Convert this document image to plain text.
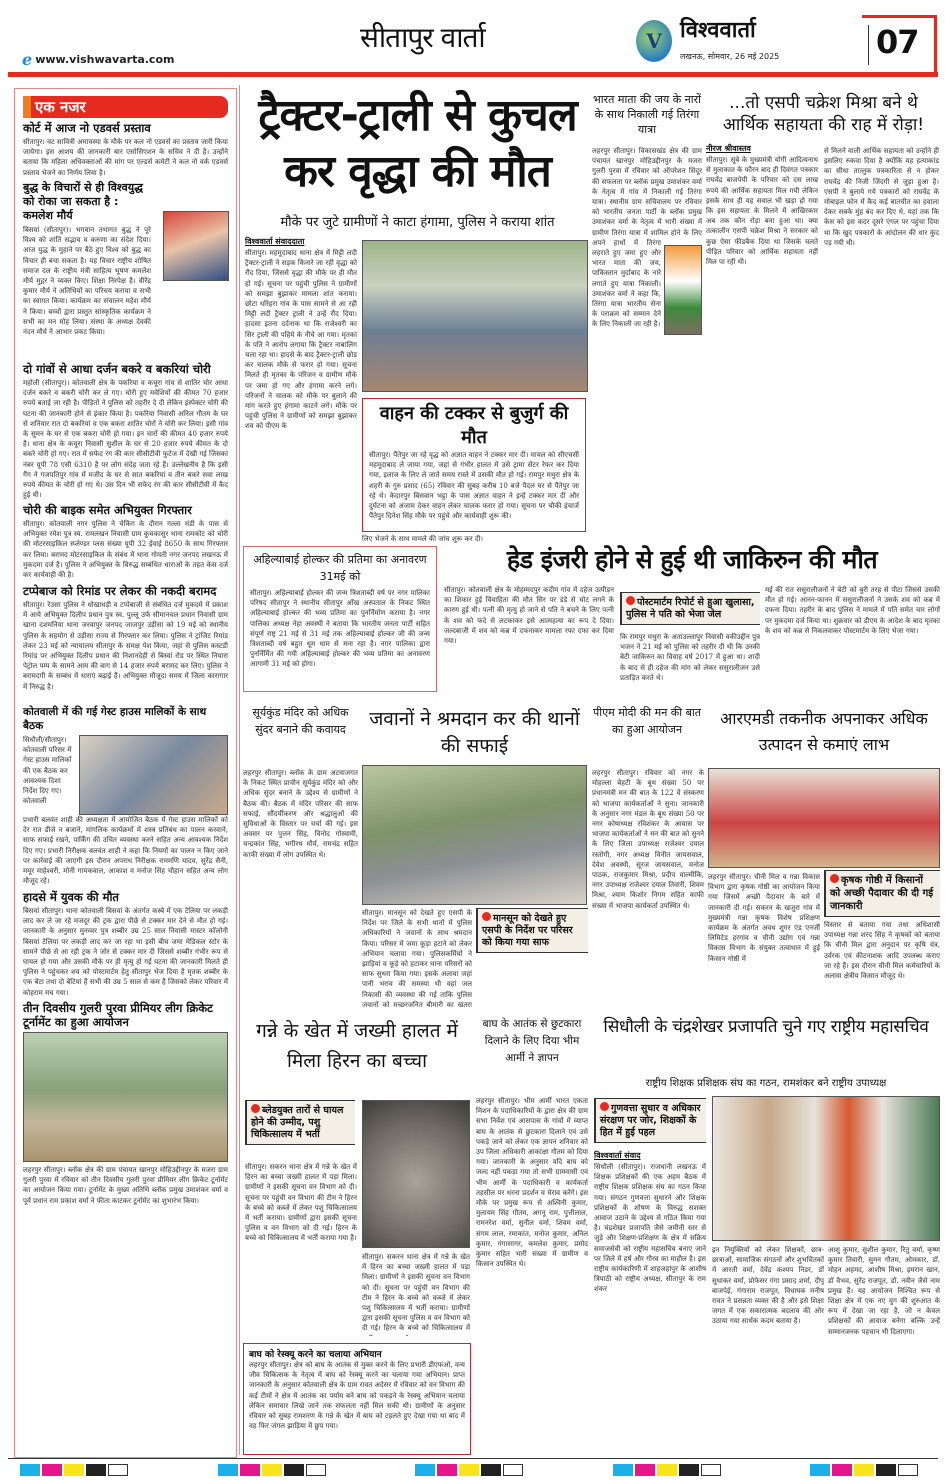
e www.vishwavarta.com
सीतापुर वार्ता	V विश्ववार्ता
लखनऊ, सोमवार, 26 मई 2025	07
एक नजर
कोर्ट में आज नो एडवर्स प्रस्ताव
सीतापुर। वट सावित्री अमावस्या के मौके पर कल नो एडवर्स का प्रस्ताव जारी किया जायेगा। इस आशय की जानकारी बार एसोसिएशन के सचिव ने दी है। उन्होंने बताया कि महिला अधिवक्ताओं की मांग पर एल्डर्स कमेटी ने कल नो वर्क एडवर्स प्रस्ताव भेजने का निर्णय लिया है।
बुद्ध के विचारों से ही विश्वयुद्ध को रोका जा सकता है : कमलेश मौर्य
बिसवां (सीतापुर)। भगवान तथागत बुद्ध ने पूरे विश्व को शांति सद्भाव व करुणा का संदेश दिया। आज युद्ध के मुहाने पर बैठे हुए विश्व को बुद्ध का विचार ही बचा सकता है। यह विचार राष्ट्रीय शोषित समाज दल के राष्ट्रीय मंत्री साहित्य भूषण कमलेश मौर्य मुद्गर ने व्यक्त किए। शिक्षा निरपेक्ष है। वीरेंद्र कुमार मौर्य ने अतिथियों का परिचय कराया व सभी का स्वागत किया। कार्यक्रम का संचालन महेश मौर्य ने किया। बच्चों द्वारा प्रस्तुत सांस्कृतिक कार्यक्रम ने सभी का मन मोह लिया। संस्था के अध्यक्ष देवकी नंदन मौर्य ने आभार प्रकट किया।
दो गांवों से आधा दर्जन बकरे व बकरियां चोरी
महोली (सीतापुर)। कोतवाली क्षेत्र के पकरिया व कचूरा गांव से शातिर चोर आधा दर्जन बकरे व बकरी चोरी कर ले गए। चोरी हुए मवेशियों की कीमत 70 हजार रुपये बताई जा रही है। पीड़ितों ने पुलिस को तहरीर दे दी लेकिन इंस्पेक्टर चोरी की घटना की जानकारी होने से इंकार किया है। पकरिया निवासी अनिल गौतम के घर से शनिवार रात दो बकरियां व एक बकरा शातिर चोरों ने चोरी कर लिया। इसी गांव के सुमन के घर से एक बकरा चोरी हो गया। इन चारों की कीमत 40 हजार रुपये है। थाना क्षेत्र के कचूरा निवासी सुशील के घर से 20 हजार रुपये कीमत के दो बकरे चोरी हो गए। रात में सफेद रंग की कार सीसीटीवी फुटेज में देखी गई जिसका नंबर यूपी 78 एसी 6310 है पर लोग संदेह जता रहे हैं। उल्लेखनीय है कि इसी गैंग ने गजपतिपुर गांव में मजीद के घर से सात बकरियां व तीन बकरे सवा लाख रुपये कीमत के चोरी हो गए थे। उस दिन भी सफेद रंग की कार सीसीटीवी में कैद हुई थी।
चोरी की बाइक समेत अभियुक्त गिरफ्तार
सीतापुर। कोतवाली नगर पुलिस ने चेकिंग के दौरान गल्ला मंडी के पास से अभियुक्त रमेश पुत्र स्व. रामलखन निवासी ग्राम कुचकासुर थाना रामकोट को चोरी की मोटरसाइकिल स्प्लेण्डर प्लस संख्या यूपी 32 ईवाई 8650 के साथ गिरफ्तार कर लिया। बरामद मोटरसाइकिल के संबंध में थाना गोमती नगर जनपद लखनऊ में मुकदमा दर्ज है। पुलिस ने अभियुक्त के विरुद्ध सम्बंधित धाराओं के तहत केस दर्ज कर कार्यवाही की है।
टप्पेबाज को रिमांड पर लेकर की नकदी बरामद
सीतापुर। रेउसा पुलिस ने धोखाधड़ी व टप्पेबाजी से संबंधित दर्ज मुकदमे में प्रकाश में आये अभियुक्त दिलीप प्रधान पुत्र स्व. पुल्लू उर्फ सीमानचल प्रधान निवासी ग्राम खाना दशमनिया थाना जरवापुर जनपद जाजपुर उड़ीसा को 19 मई को स्थानीय पुलिस के सहयोग से उड़ीसा राज्य से गिरफ्तार कर लिया। पुलिस ने ट्रांजिट रिमांड लेकर 23 मई को न्यायालय सीतापुर के समक्ष पेश किया, जहां से पुलिस कस्टडी रिमांड पर अभियुक्त दिलीप प्रधान की निशानदेही से बिस्वां रोड पर स्थित नियारा पेट्रोल पम्प के सामने आम की बाग से 14 हजार रुपये बरामद कर लिए। पुलिस ने बरामदगी के सम्बंध में धाराएं बढ़ाई हैं। अभियुक्त मौजूदा समय में जिला कारागार में निरुद्ध है।
कोतवाली में की गई गेस्ट हाउस मालिकों के साथ बैठक
सिधौली/सीतापुर। कोतवाली परिसर में गेस्ट हाउस मालिकों की एक बैठक कर आवश्यक दिशा निर्देश दिए गए। कोतवाली
प्रभारी बलवंत शाही की अध्यक्षता में आयोजित बैठक में गेस्ट हाउस मालिकों को देर रात डीजे न बजाने, मांगलिक कार्यक्रमों में शस्त्र प्रतिबंध का पालन करवाने, साफ सफाई रखने, पार्किंग की उचित व्यवस्था करने सहित अन्य आवश्यक निर्देश दिए गए। प्रभारी निरीक्षक बलवंत शाही ने कहा कि नियमों का पालन न किए जाने पर कार्रवाई की जाएगी इस दौरान अपराध निरीक्षक राममणि यादव, सुरेंद्र सैनी, मयूर माहेश्वरी, मोनी गायकवाल, आकाश व मनोज सिंह चौहान सहित अन्य लोग मौजूद रहे।
हादसे में युवक की मौत
बिसवां सीतापुर। थाना कोतवाली बिसवां के अंतर्गत कस्बे में एक टेलिया पर लकड़ी लाद कर ले जा रहे मजदूर की ट्रक द्वारा पीछे से टक्कर मार देने से मौत हो गई। जानकारी के अनुसार मुनव्वर पुत्र शब्बीर उम्र 25 साल निवासी मास्टर कॉलोनी बिसवां टेलिया पर लकड़ी लाद कर जा रहा था इसी बीच जमा मेडिकल स्टोर के सामने पीछे से आ रही ट्रक ने जोर से टक्कर मार दी जिससे शब्बीर गंभीर रूप से घायल हो गया और उसकी मौके पर ही मृत्यु हो गई घटना की जानकारी मिलते ही पुलिस ने पहुंचकर शव को पोस्टमार्टम हेतु सीतापुर भेज दिया है मृतक शब्बीर के एक बेटा तथा दो बेटियां हैं सभी की उम्र 5 साल से कम है जिसको लेकर परिवार में कोहराम मच गया।
तीन दिवसीय गुलरी पुरवा प्रीमियर लीग क्रिकेट टूर्नामेंट का हुआ आयोजन
लहरपुर सीतापुर। ब्लॉक क्षेत्र की ग्राम पंचायत खानपुर मोहिउद्दीनपुर के मजरा ग्राम गुलरी पुरवा में रविवार को तीन दिवसीय गुलरी पुरवा प्रीमियर लीग क्रिकेट टूर्नामेंट का आयोजन किया गया। टूर्नामेंट के मुख्य अतिथि ब्लॉक प्रमुख उमाशंकर वर्मा व पूर्व प्रधान राम प्रकाश वर्मा ने फीता काटकर टूर्नामेंट का शुभारंभ किया।
ट्रैक्टर-ट्राली से कुचल कर वृद्धा की मौत
मौके पर जुटे ग्रामीणों ने काटा हंगामा, पुलिस ने कराया शांत
विश्ववार्ता संवाददाता
सीतापुर। महमूदाबाद थाना क्षेत्र में मिट्टी लदी ट्रैक्टर-ट्राली ने सड़क किनारे जा रही वृद्धा को रौंद दिया, जिससे वृद्धा की मौके पर ही मौत हो गई। सूचना पर पहुंची पुलिस ने ग्रामीणों को समझा बुझाकर मामला शांत कराया। छोटा धरिहरा गांव के पास सामने से आ रही मिट्टी लदी ट्रैक्टर ट्राली ने उन्हें रौंद दिया। हादसा इतना दर्दनाक था कि राजेश्वरी का सिर ट्राली की पहिये के नीचे आ गया। मृतका के पति ने आरोप लगाया कि ट्रैक्टर नाबालिग चला रहा था। हादसे के बाद ट्रैक्टर-ट्राली छोड़ कर चालक मौके से फरार हो गया। सूचना मिलते ही मृतका के परिजन व ग्रामीण मौके पर जमा हो गए और हंगामा करने लगे। परिजनों ने चालक को मौके पर बुलाने की मांग करते हुए हंगामा काटने लगे। मौके पर पहुंची पुलिस ने ग्रामीणों को समझा बुझाकर शव को पीएम के
वाहन की टक्कर से बुजुर्ग की मौत
सीतापुर। पैंतेपुर जा रहे वृद्ध को अज्ञात वाहन ने टक्कर मार दी। घायल को सीएचसी महमूदाबाद ले जाया गया, जहां से गंभीर हालत में उसे ट्रामा सेंटर रेफर कर दिया गया, इलाज के लिए ले जाते समय रास्ते में उसकी मौत हो गई। रामपुर मथुरा क्षेत्र के शहरी के गुरु प्रसाद (65) रविवार की सुबह करीब 10 बजे पैदल घर से पैंतेपुर जा रहे थे। केदारपुर बिसवान भट्ठा के पास अज्ञात वाहन ने इन्हें टक्कर मार दी और दुर्घटना को अंजाम देकर वाहन लेकर चालक फरार हो गया। सूचना पर चौकी इंचार्ज पैंतेपुर दिनेश सिंह मौके पर पहुंचे और कार्यवाही शुरू की।
लिए भेजने के साथ मामले की जांच शुरू कर दी।
भारत माता की जय के नारों के साथ निकाली गई तिरंगा यात्रा
लहरपुर सीतापुर। विकासखंड क्षेत्र की ग्राम पंचायत खानपुर मोहिउद्दीनपुर के मजरा गुलरी पुरवा में रविवार को ऑपरेशन सिंदूर की सफलता पर ब्लॉक प्रमुख उमाशंकर वर्मा के नेतृत्व में गांव में निकाली गई तिरंगा यात्रा। स्थानीय ग्राम सचिवालय पर रविवार को भारतीय जनता पार्टी के ब्लॉक प्रमुख उमाशंकर वर्मा के नेतृत्व में भारी संख्या में ग्रामीण तिरंगा यात्रा में शामिल होने के लिए अपने हाथों में तिरंगा लहराते हुए जमा हुए और भारत माता की जय, पाकिस्तान मुर्दाबाद के नारे लगाते हुए यात्रा निकाली। उमाशंकर वर्मा ने कहा कि, तिरंगा यात्रा भारतीय सेना के पराक्रम को सम्मान देने के लिए निकाली जा रही है।
...तो एसपी चक्रेश मिश्रा बने थे आर्थिक सहायता की राह में रोड़ा!
नीरज श्रीवास्तव
सीतापुर। सूबे के मुख्यमंत्री योगी आदित्यनाथ से मुलाकात के फौरन बाद ही दिवंगत पत्रकार राघवेंद्र बाजपेयी के परिवार को दस लाख रुपये की आर्थिक सहायता मिल गयी लेकिन इसके साथ ही यह सवाल भी खड़ा हो गया कि इस सहायता के मिलने में आखिरकार अब तक कौन रोड़ा बना हुआ था। क्या तत्कालीन एसपी चक्रेश मिश्रा ने सरकार को कुछ ऐसा फीडबैक दिया था जिसके चलते पीड़ित परिवार को आर्थिक सहायता नहीं मिल पा रही थी।
से मिलने वाली आर्थिक सहायता को उन्होंने ही इसलिए रुकवा दिया है क्योंकि यह हत्याकांड का सीधा तात्लुक पत्रकारिता से न होकर राघवेंद्र की निजी जिंदगी से जुड़ा हुआ है। एसपी ने बुलाये गये पत्रकारों को राघवेंद्र के मोबाइल फोन में कैद कई बातचीत का हवाला देकर सबके मुंह बंद कर दिए थे, यहां तक कि केस को इस कदर दूसरे एंगल पर पहुंचा दिया था कि खुद पत्रकारों के आंदोलन की धार कुंद पड़ गयी थी।
अहिल्याबाई होल्कर की प्रतिमा का अनावरण 31मई को
सीतापुर। अहिल्याबाई होल्कर की जन्म त्रिशताब्दी वर्ष पर नगर पालिका परिषद सीतापुर ने स्थानीय सीतापुर आँख अस्पताल के निकट स्थित अहिल्याबाई होल्कर की भव्य प्रतिमा का पुनर्निर्माण कराया है। नगर पालिका अध्यक्ष नेहा अवस्थी ने बताया कि भारतीय जनता पार्टी सहित संपूर्ण राष्ट्र 21 मई से 31 मई तक अहिल्याबाई होल्कर जी की जन्म त्रिशताब्दी वर्ष बहुत धूम धाम से मना रहा है। नगर पालिका द्वारा पुनर्निर्मित की गयी अहिल्याबाई होल्कर की भव्य प्रतिमा का अनावरण आगामी 31 मई को होगा।
हेड इंजरी होने से हुई थी जाकिरुन की मौत
सीतापुर। कोतवाली क्षेत्र के मोहम्मदपुर कदीम गांव में दहेज उत्पीड़न का शिकार हुई विवाहिता की मौत सिर पर डंडे से चोट लगने के कारण हुई थी। पत्नी की मृत्यु हो जाने से पति ने बचने के लिए पत्नी के शव को फंदे से लटकाकर इसे आत्महत्या का रूप दे दिया। जल्दबाजी में शव को कब्र में दफनाकर मामला रफा दफा कर दिया गया।
पोस्टमार्टम रिपोर्ट से हुआ खुलासा, पुलिस ने पति को भेजा जेल
कि रामपुर मथुरा के अताउल्लापुर निवासी वकीउद्दीन पुत्र भजन ने 21 मई को पुलिस को तहरीर दी थी कि उनकी बेटी जाकिरुन का विवाह वर्ष 2017 में हुआ था। शादी के बाद से ही दहेज की मांग को लेकर ससुरालीजन उसे प्रताड़ित करते थे।
मई की रात ससुरालीजनों ने बेटी को बुरी तरह से पीटा जिससे उसकी मौत हो गई। आनन-फानन में ससुरालीजनों ने उसके शव को कब्र में दफना दिया। तहरीर के बाद पुलिस ने मामले में पति समेत चार लोगों पर मुकदमा दर्ज किया था। शुक्रवार को डीएम के आदेश के बाद मृतका के शव को कब्र से निकलवाकर पोस्टमार्टम के लिए भेजा गया।
सूर्यकुंड मंदिर को अधिक सुंदर बनाने की कवायद
लहरपुर सीतापुर। ब्लॉक के ग्राम अटवाजगत के निकट स्थित प्राचीन सूर्यकुंड मंदिर को और अधिक सुंदर बनाने के उद्देश्य से ग्रामीणों ने बैठक की। बैठक में मंदिर परिसर की साफ सफाई, सौंदर्यीकरण और श्रद्धालुओं की सुविधाओं के विस्तार पर चर्चा की गई। इस अवसर पर पुत्तन सिंह, विनोद गोस्वामी, चन्द्रकांत सिंह, भगीरथ मौर्य, रामचंद्र सहित काफी संख्या में लोग उपस्थित थे।
जवानों ने श्रमदान कर की थानों की सफाई
सीतापुर। मानसून को देखते हुए एसपी के निर्देश पर जिले के सभी थानों में पुलिस अधिकारियों ने जवानों के साथ श्रमदान किया। परिसर में जमा कूड़ा हटाने को लेकर अभियान चलाया गया। पुलिसकर्मियों ने झाड़ियां व कूड़े को हटाकर थाना परिसरों को साफ सुथरा किया गया। इसके अलावा जहां पानी भराव की समस्या थी वहां जल निकासी की व्यवस्था की गई ताकि पुलिस जवानों को मच्छरजनित बीमारी का खतरा
मानसून को देखते हुए एसपी के निर्देश पर परिसर को किया गया साफ
पीएम मोदी की मन की बात का हुआ आयोजन
लहरपुर सीतापुर। रविवार को नगर के मोहल्ला बेहटी के बूथ संख्या 50 पर प्रधानमंत्री मन की बात के 122 वें संस्करण को भाजपा कार्यकर्ताओं ने सुना। जानकारी के अनुसार नगर मंडल के बूथ संख्या 50 पर नगर कोषाध्यक्ष रविशंकर के आवास पर भाजपा कार्यकर्ताओं ने मन की बात को सुनने के लिए जिला उपाध्यक्ष राजेश्वर दयाल रस्तोगी, नगर अध्यक्ष विनीत जायसवाल, देवेश अवस्थी, सूरज जायसवाल, मनोज पाठक, राजकुमार मिश्रा, प्रदीप वाल्मीकि, नगर उपाध्यक्ष राजेश्वर दयाल तिवारी, शिवम मिश्रा, श्याम किशोर निगम सहित काफी संख्या में भाजपा कार्यकर्ता उपस्थित थे।
आरएमडी तकनीक अपनाकर अधिक उत्पादन से कमाएं लाभ
लहरपुर सीतापुर। चीनी मिल व गन्ना विकास विभाग द्वारा कृषक गोष्ठी का आयोजन किया गया जिसमें अच्छी पैदावार के बारे में जानकारी दी गई। सकरन के खजुरा गांव में मुख्यमंत्री गन्ना कृषक विशेष प्रशिक्षण कार्यक्रम के अंतर्गत अवध शुगर एंड एनर्जी लिमिटेड हरगांव व चीनी उद्योग एवं गन्ना विकास विभाग के संयुक्त तत्वाधान में हुई किसान गोष्ठी में
कृषक गोष्ठी में किसानों को अच्छी पैदावार की दी गई जानकारी
विस्तार से बताया गया तथा अधिशासी उपाध्यक्ष गन्ना शरद सिंह ने कृषकों को बताया कि चीनी मिल द्वारा अनुदान पर कृषि यंत्र, उर्वरक एवं कीटनाशक आदि उपलब्ध कराए जा रहे हैं। इस दौरान चीनी मिल कर्मचारियों के अलावा क्षेत्रीय किसान मौजूद थे।
गन्ने के खेत में जख्मी हालत में मिला हिरन का बच्चा
ब्लेडयुक्त तारों से घायल होने की उम्मीद, पशु चिकित्सालय में भर्ती
सीतापुर। सकरन थाना क्षेत्र में गन्ने के खेत में हिरन का बच्चा जख्मी हालत में पड़ा मिला। ग्रामीणों ने इसकी सूचना वन विभाग को दी। सूचना पर पहुंची वन विभाग की टीम ने हिरन के बच्चे को कब्जे में लेकर पशु चिकित्सालय में भर्ती कराया। ग्रामीणों द्वारा इसकी सूचना पुलिस व वन विभाग को दी गई। हिरन के बच्चे को चिकित्सालय में भर्ती कराया गया है।
सीतापुर। सकरन थाना क्षेत्र में गन्ने के खेत में हिरन का बच्चा जख्मी हालत में पड़ा मिला। ग्रामीणों ने इसकी सूचना वन विभाग को दी। सूचना पर पहुंची वन विभाग की टीम ने हिरन के बच्चे को कब्जे में लेकर पशु चिकित्सालय में भर्ती कराया। ग्रामीणों द्वारा इसकी सूचना पुलिस व वन विभाग को दी गई। हिरन के बच्चे को चिकित्सालय में
बाघ को रेस्क्यू करने का चलाया अभियान
लहरपुर सीतापुर। क्षेत्र को बाघ के आतंक से मुक्त करने के लिए प्रभारी डीएफओ, वन्य जीव चिकित्सक के नेतृत्व में बाघ को रेस्क्यू करने का चलाया गया अभियान। प्राप्त जानकारी के अनुसार कोतवाली क्षेत्र के ग्राम रावत अदेसर में रविवार को वन विभाग की कई टीमों ने क्षेत्र में आतंक का पर्याय बने बाघ को पकड़ने के रेस्क्यू अभियान चलाया लेकिन समाचार लिखे जाने तक सफलता नहीं मिल सकी थी। ग्रामीणों के अनुसार रविवार को सुबह रामशरण के गन्ने के खेत में बाघ को टहलते हुए देखा गया था बाद में वह फिर जंगल झाड़िया में छुप गया।
बाघ के आतंक से छुटकारा दिलाने के लिए दिया भीम आर्मी ने ज्ञापन
लहरपुर सीतापुर। भीम आर्मी भारत एकता मिशन के पदाधिकारियों के द्वारा क्षेत्र की ग्राम सभा निर्वेश एवं आसपास के गांवों में व्याप्त बाघ के आतंक से छुटकारा दिलाने एवं उसे पकड़े जाने को लेकर एक ज्ञापन शनिवार को उप जिला अधिकारी आकांक्षा गौतम को दिया गया। जानकारी के अनुसार यदि बाघ को जल्द नहीं पकड़ा गया तो सभी ग्रामवासी एवं भीम आर्मी के पदाधिकारी व कार्यकर्ता तहसील पर धरना प्रदर्शन व घेराव करेंगे। इस मौके पर प्रमुख रूप से अश्विनी कुमार, मुलायम सिंह गौतम, अगनू राम, पुत्तीलाल, रामनरेश वर्मा, सुनील वर्मा, शिवम वर्मा, संगम लाल, रमाकांत, मनोज कुमार, अनिल कुमार, गंगासागर, कमलेश कुमार, प्रमोद कुमार सहित भारी संख्या में ग्रामीण व किसान उपस्थित थे।
सिधौली के चंद्रशेखर प्रजापति चुने गए राष्ट्रीय महासचिव
राष्ट्रीय शिक्षक प्रशिक्षक संघ का गठन, रामशंकर बने राष्ट्रीय उपाध्यक्ष
गुणवत्ता सुधार व अधिकार संरक्षण पर जोर, शिक्षकों के हित में हुई पहल
विश्ववार्ता संवाद
सिधौली (सीतापुर)। राजधानी लखनऊ में शिक्षक प्रशिक्षकों की एक अहम बैठक में राष्ट्रीय शिक्षक प्रशिक्षक संघ का गठन किया गया। संगठन गुणवत्ता सुधारने और शिक्षक प्रशिक्षकों के शोषण के विरुद्ध सशक्त आवाज उठाने के उद्देश्य से गठित किया गया है। चंद्रशेखर प्रजापति जैसे जमीनी स्तर से जुड़े और शिक्षण-प्रशिक्षण के क्षेत्र में सक्रिय समाजसेवी को राष्ट्रीय महासचिव बनाए जाने पर जिले में हर्ष और गौरव का माहौल है। इस राष्ट्रीय कार्यकारिणी में शाहजहांपुर के आशीष त्रिपाठी को राष्ट्रीय अध्यक्ष, सीतापुर के राम शंकर
इन नियुक्तियों को लेकर शिक्षकों, छात्र-छात्राओं, सामाजिक संगठनों और शुभचिंतकों में आरती वर्मा, देवेंद्र कश्यप निडर, डॉ सुधाकर वर्मा, प्रोफेसर गंगा प्रसाद शर्मा, दीपू बाजपेई, गंगाराम राजपूत, विधायक मनीष रावत ने प्रसन्नता व्यक्त की है और इसे शिक्षा जगत में एक सकारात्मक बदलाव की ओर उठाया गया सार्थक कदम बताया है।
आशु कुमार, सुशील कुमार, रितु वर्मा, कृष्ण कुमार तिवारी, सुमन गौतम, ओमकार, डॉ. मोहन अहमद, आशीष मिश्रा, इमरान खान, डॉ वैभव, सुरेंद्र राजपूत, डॉ. नवीन जैसे नाम प्रमुख हैं। यह आयोजन निश्चित रूप से शिक्षा क्षेत्र में एक नए युग की शुरुआत के रूप में देखा जा रहा है, जो न केवल प्रशिक्षकों की आवाज बनेगा बल्कि उन्हें सम्मानजनक पहचान भी दिलाएगा।
